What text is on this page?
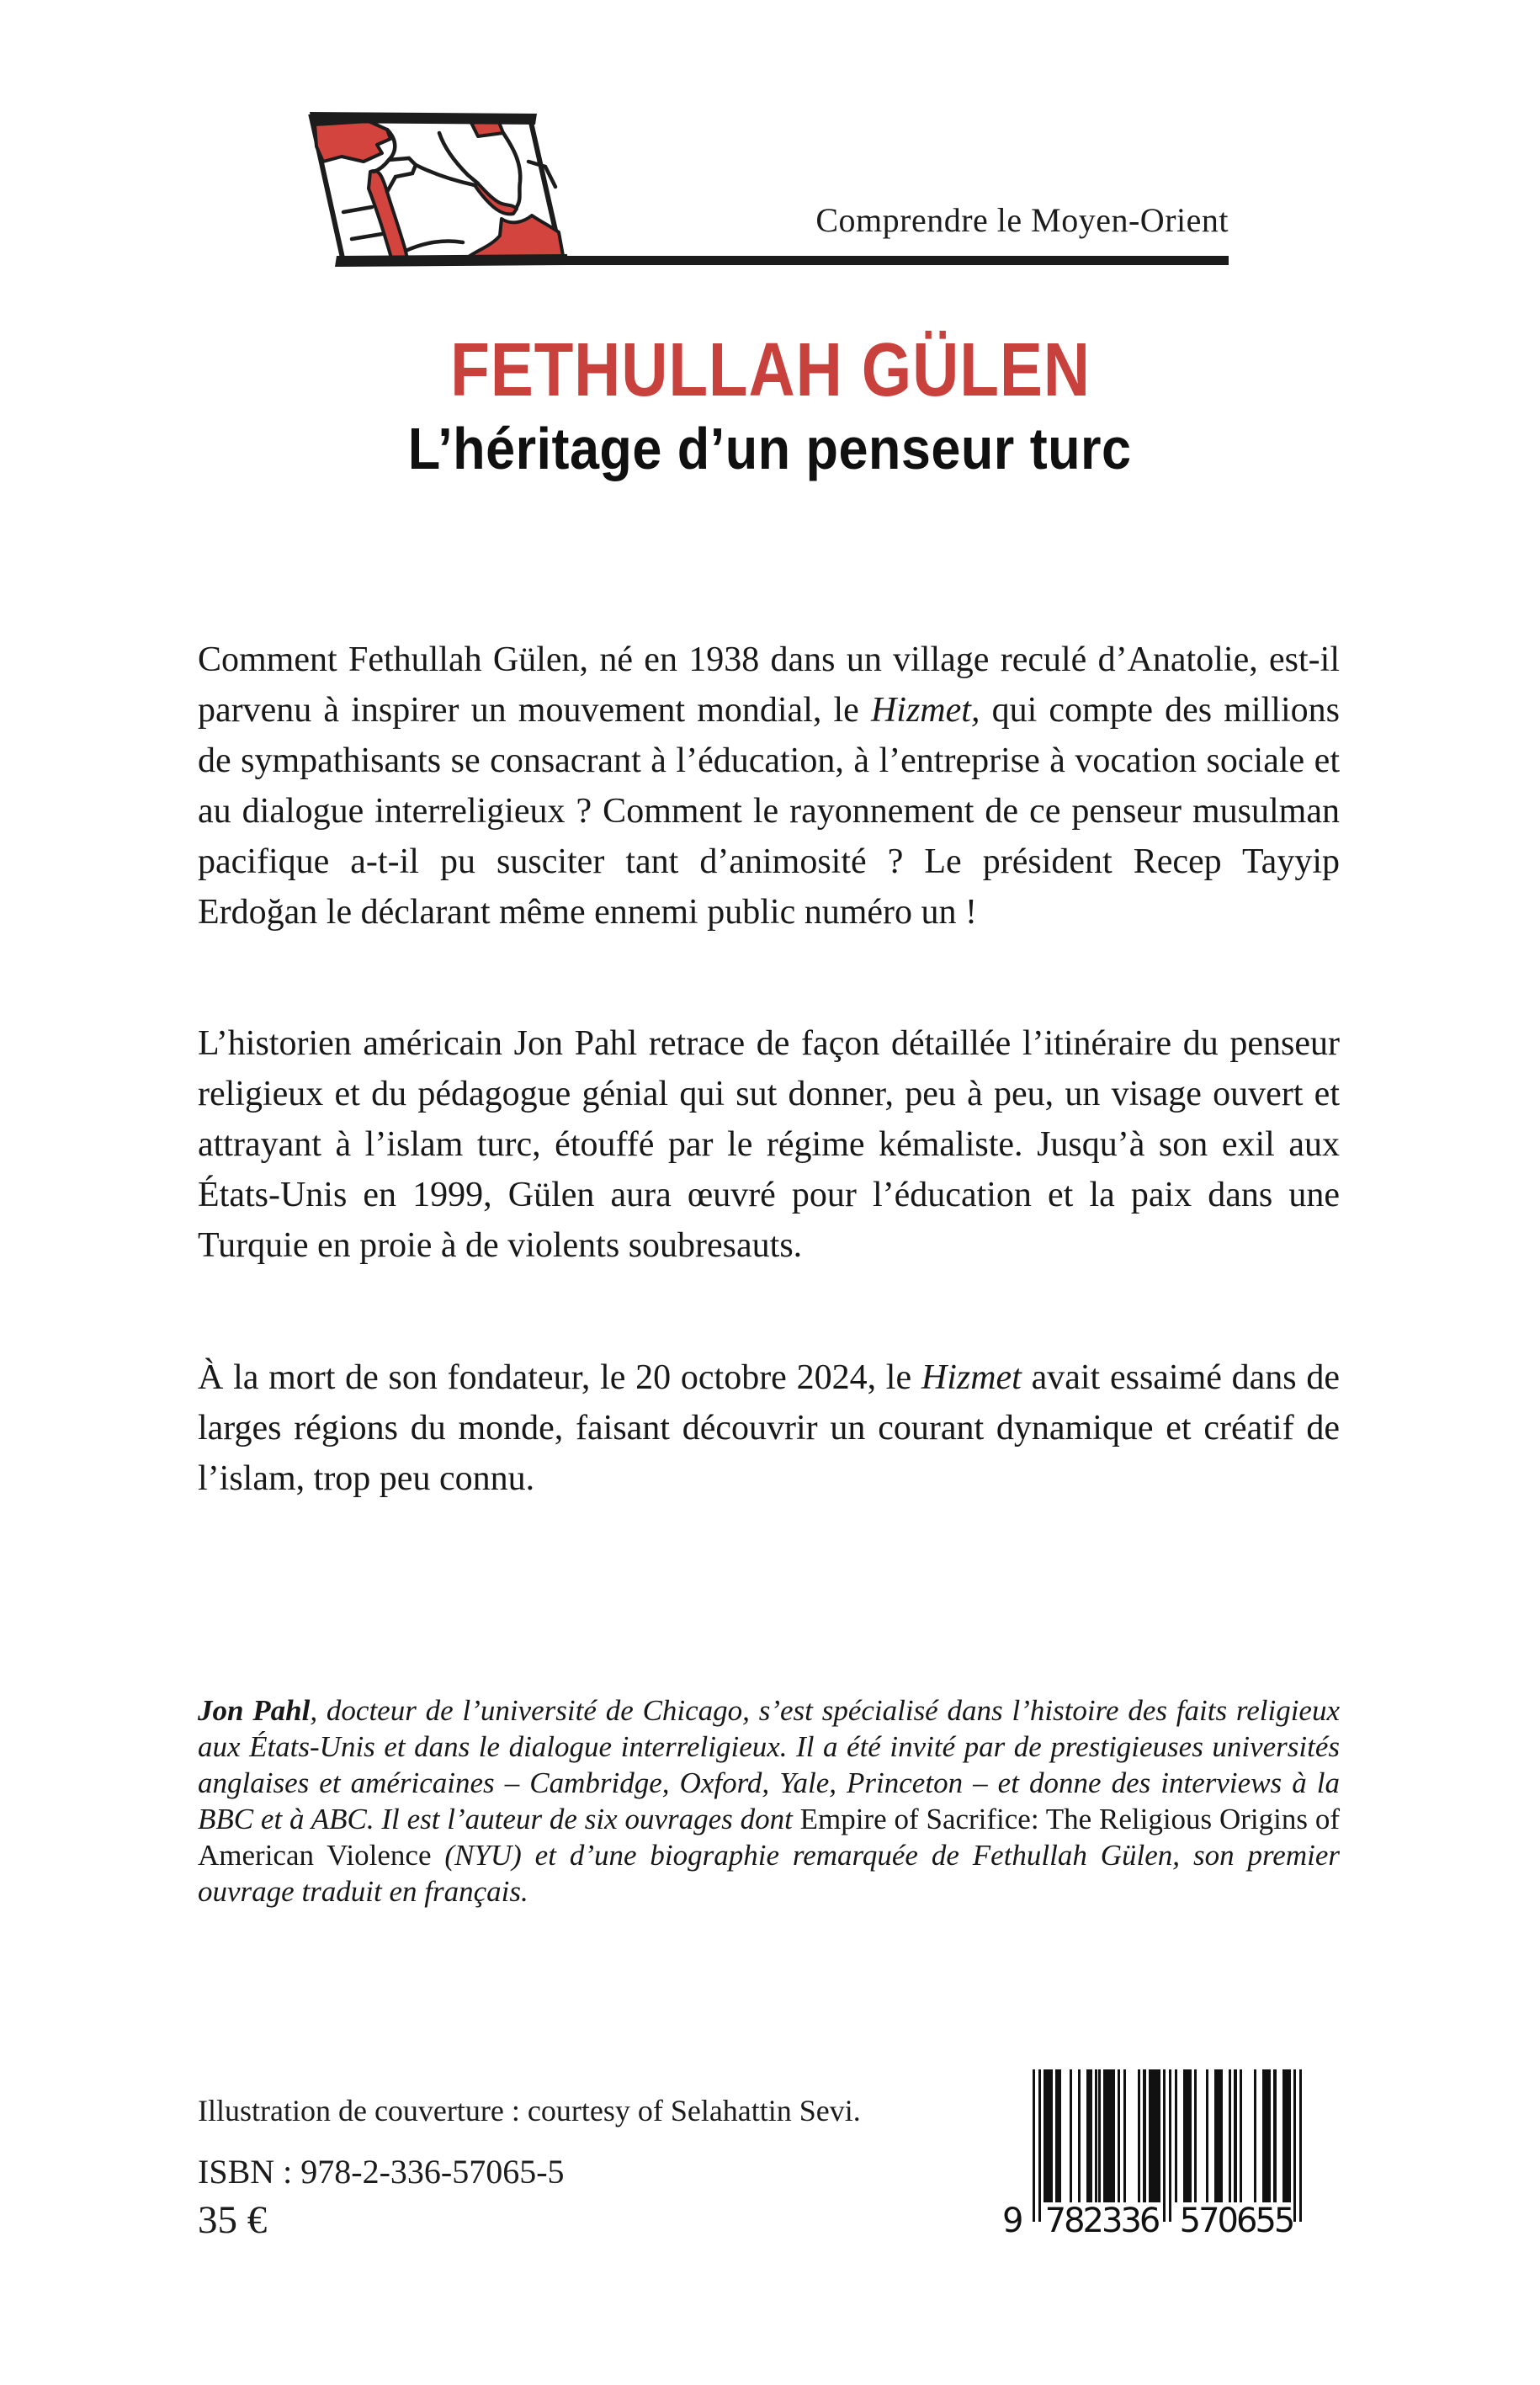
Comprendre le Moyen-Orient
FETHULLAH GÜLEN
L’héritage d’un penseur turc

Comment Fethullah Gülen, né en 1938 dans un village reculé d’Anatolie, est-il parvenu à inspirer un mouvement mondial, le Hizmet, qui compte des millions de sympathisants se consacrant à l’éducation, à l’entreprise à vocation sociale et au dialogue interreligieux ? Comment le rayonnement de ce penseur musulman pacifique a-t-il pu susciter tant d’animosité ? Le président Recep Tayyip Erdoğan le déclarant même ennemi public numéro un !

L’historien américain Jon Pahl retrace de façon détaillée l’itinéraire du penseur religieux et du pédagogue génial qui sut donner, peu à peu, un visage ouvert et attrayant à l’islam turc, étouffé par le régime kémaliste. Jusqu’à son exil aux États-Unis en 1999, Gülen aura œuvré pour l’éducation et la paix dans une Turquie en proie à de violents soubresauts.

À la mort de son fondateur, le 20 octobre 2024, le Hizmet avait essaimé dans de larges régions du monde, faisant découvrir un courant dynamique et créatif de l’islam, trop peu connu.

Jon Pahl, docteur de l’université de Chicago, s’est spécialisé dans l’histoire des faits religieux aux États-Unis et dans le dialogue interreligieux. Il a été invité par de prestigieuses universités anglaises et américaines – Cambridge, Oxford, Yale, Princeton – et donne des interviews à la BBC et à ABC. Il est l’auteur de six ouvrages dont Empire of Sacrifice: The Religious Origins of American Violence (NYU) et d’une biographie remarquée de Fethullah Gülen, son premier ouvrage traduit en français.

Illustration de couverture : courtesy of Selahattin Sevi.
ISBN : 978-2-336-57065-5
35 €	9 782336 570655
